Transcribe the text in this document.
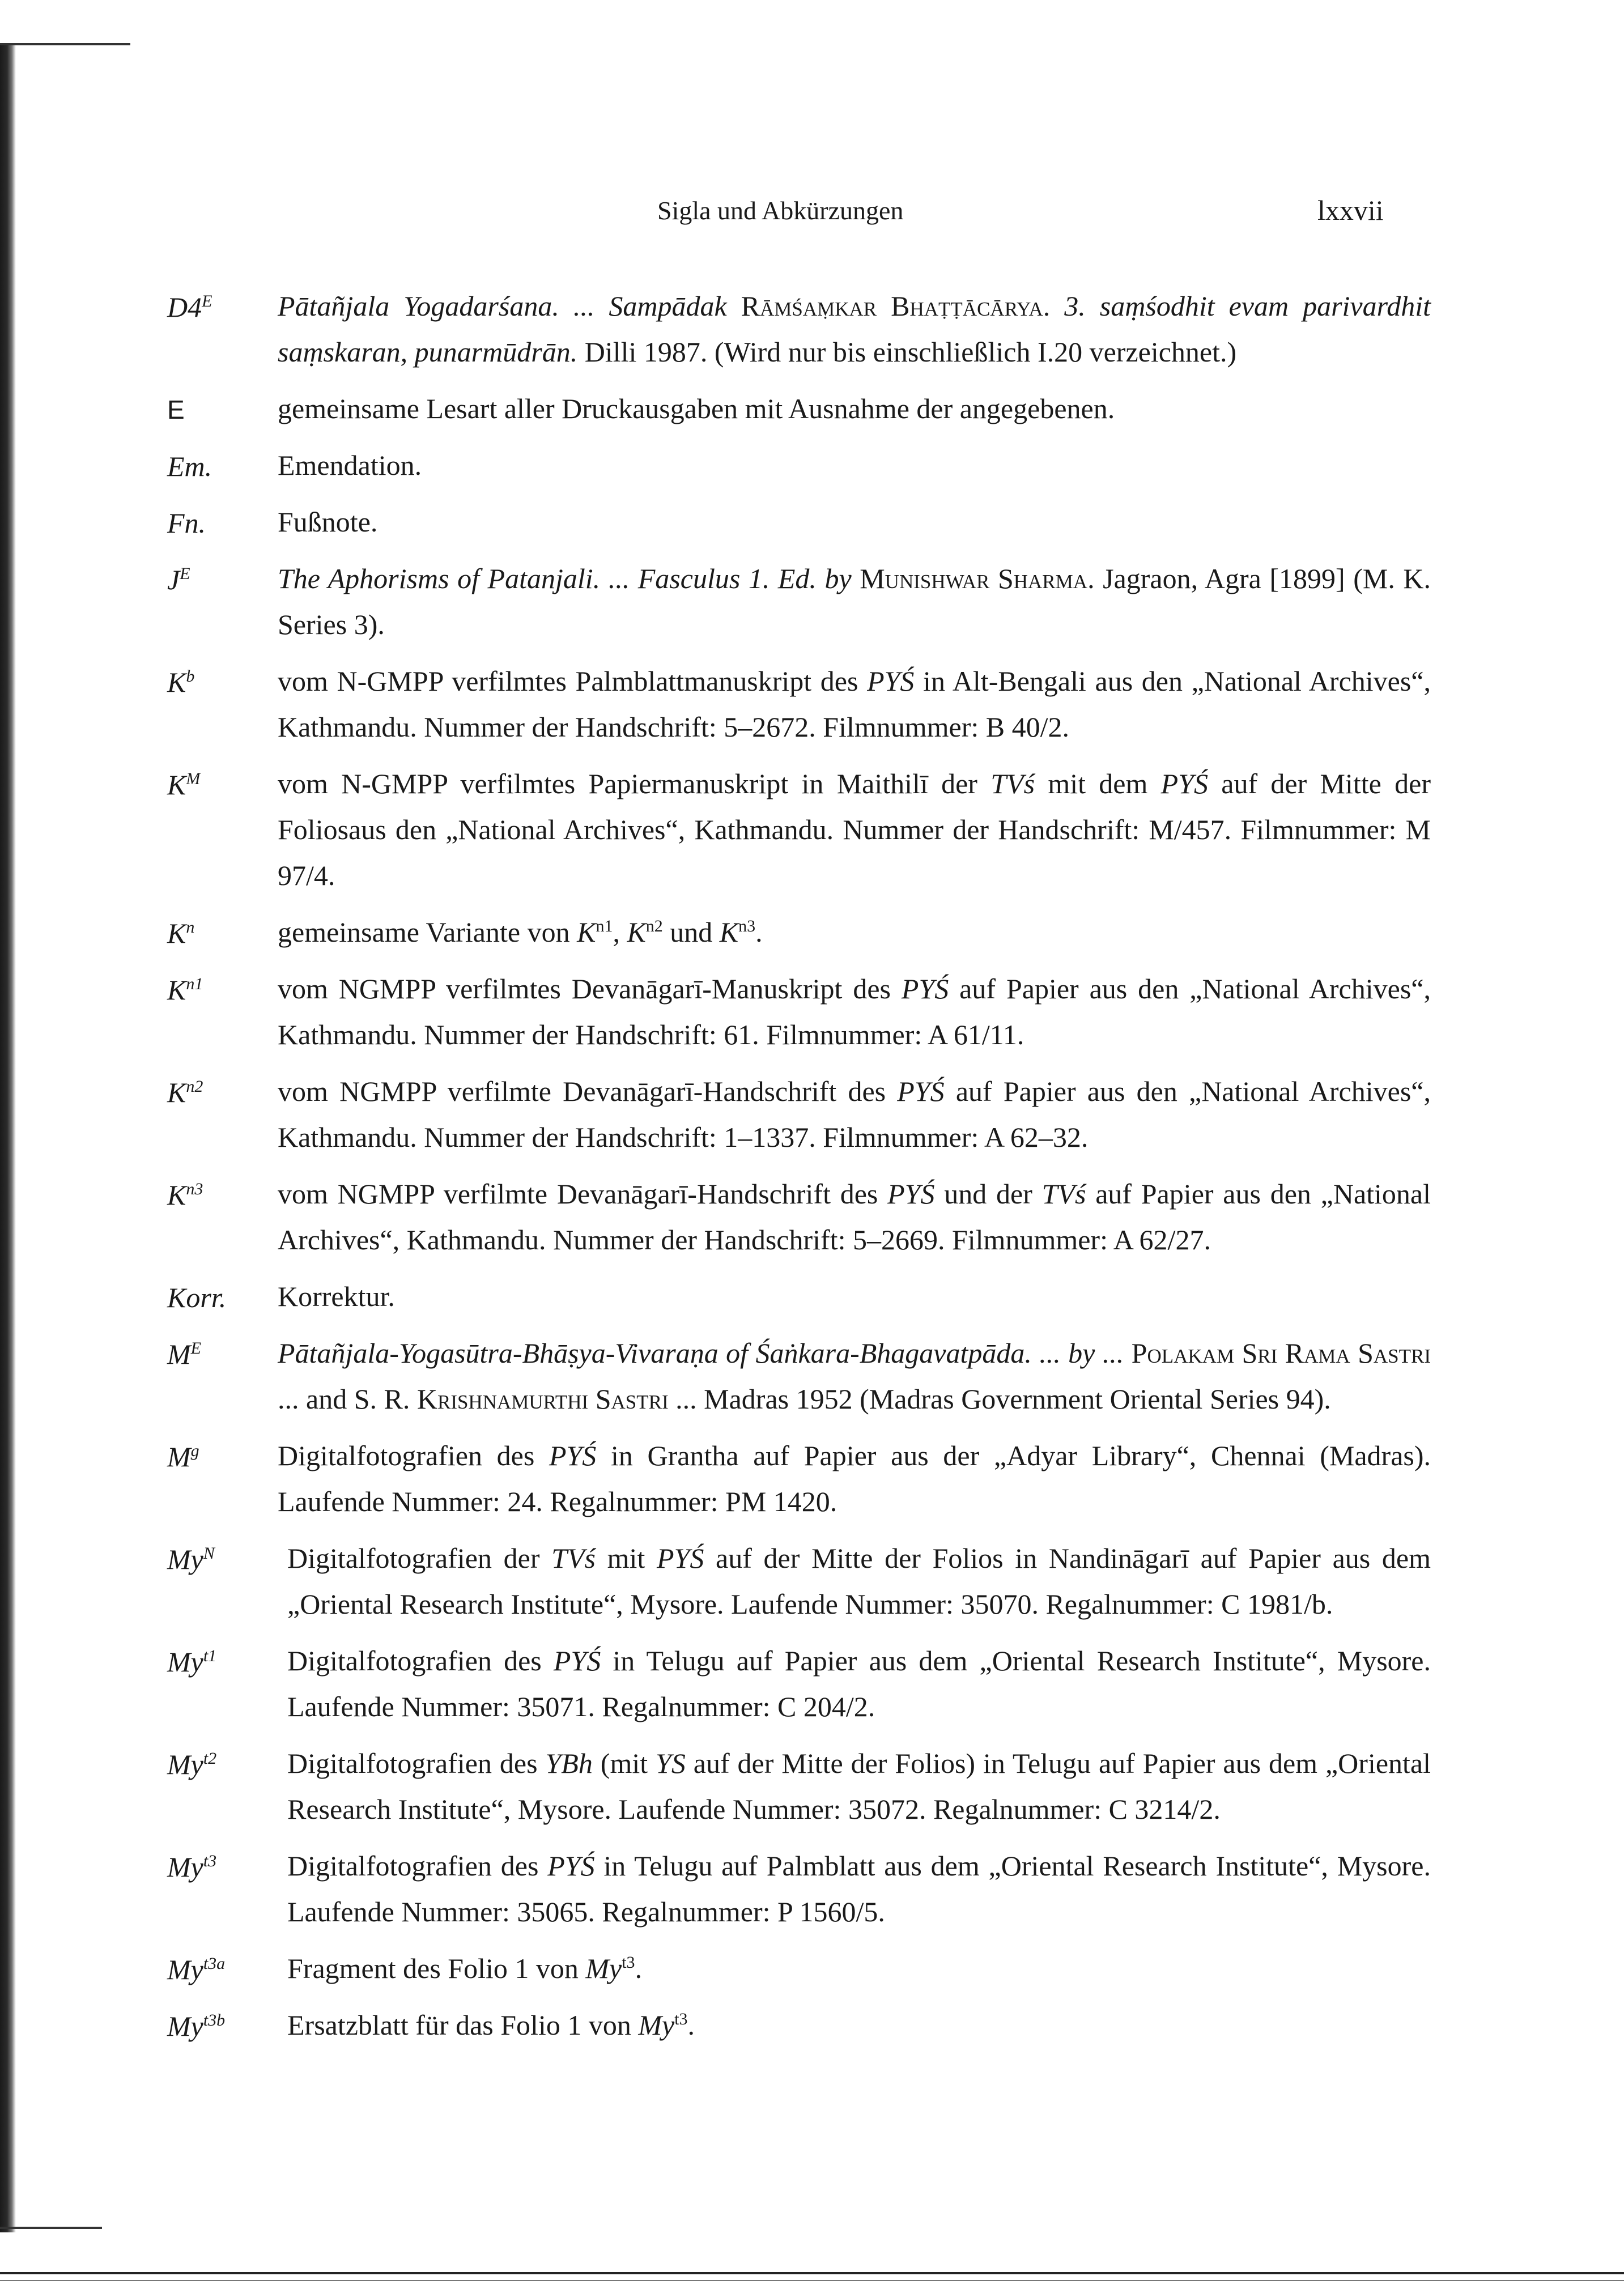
Sigla und Abkürzungen	lxxvii
$D4^E$ Pātañjala Yogadarśana. ... Sampādak Rāmśaṃkar Bhaṭṭācārya. 3. saṃśodhit evam parivardhit saṃskaran, punarmūdrān. Dilli 1987. (Wird nur bis einschließlich I.20 verzeichnet.)
E	gemeinsame Lesart aller Druckausgaben mit Ausnahme der angegebenen.
Em. Emendation.
Fn.	Fußnote.
$J^E$	The Aphorisms of Patanjali. ... Fasculus 1. Ed. by Munishwar Sharma. Jagraon, Agra [1899] (M. K. Series 3).
$K^b$	vom N-GMPP verfilmtes Palmblattmanuskript des PYŚ in Alt-Bengali aus den „National Archives“, Kathmandu. Nummer der Handschrift: 5–2672. Filmnummer: B 40/2.
$K^M$	vom N-GMPP verfilmtes Papiermanuskript in Maithilī der TVś mit dem PYŚ auf der Mitte der Foliosaus den „National Archives“, Kathmandu. Nummer der Handschrift: M/457. Filmnummer: M 97/4.
$K^n$	gemeinsame Variante von $K^{n1}$, $K^{n2}$ und $K^{n3}$.
$K^{n1}$	vom NGMPP verfilmtes Devanāgarī-Manuskript des PYŚ auf Papier aus den „National Archives“, Kathmandu. Nummer der Handschrift: 61. Filmnummer: A 61/11.
$K^{n2}$	vom NGMPP verfilmte Devanāgarī-Handschrift des PYŚ auf Papier aus den „National Archives“, Kathmandu. Nummer der Handschrift: 1–1337. Filmnummer: A 62–32.
$K^{n3}$	vom NGMPP verfilmte Devanāgarī-Handschrift des PYŚ und der TVś auf Papier aus den „National Archives“, Kathmandu. Nummer der Handschrift: 5–2669. Filmnummer: A 62/27.
Korr. Korrektur.
$M^E$	Pātañjala-Yogasūtra-Bhāṣya-Vivaraṇa of Śaṅkara-Bhagavatpāda. ... by ... Polakam Sri Rama Sastri ... and S. R. Krishnamurthi Sastri ... Madras 1952 (Madras Government Oriental Series 94).
$M^g$	Digitalfotografien des PYŚ in Grantha auf Papier aus der „Adyar Library“, Chennai (Madras). Laufende Nummer: 24. Regalnummer: PM 1420.
$My^N$	Digitalfotografien der TVś mit PYŚ auf der Mitte der Folios in Nandināgarī auf Papier aus dem „Oriental Research Institute“, Mysore. Laufende Nummer: 35070. Regalnummer: C 1981/b.
$My^{t1}$ Digitalfotografien des PYŚ in Telugu auf Papier aus dem „Oriental Research Institute“, Mysore. Laufende Nummer: 35071. Regalnummer: C 204/2.
$My^{t2}$ Digitalfotografien des YBh (mit YS auf der Mitte der Folios) in Telugu auf Papier aus dem „Oriental Research Institute“, Mysore. Laufende Nummer: 35072. Regalnummer: C 3214/2.
$My^{t3}$ Digitalfotografien des PYŚ in Telugu auf Palmblatt aus dem „Oriental Research Institute“, Mysore. Laufende Nummer: 35065. Regalnummer: P 1560/5.
$My^{t3a}$ Fragment des Folio 1 von $My^{t3}$.
$My^{t3b}$ Ersatzblatt für das Folio 1 von $My^{t3}$.
